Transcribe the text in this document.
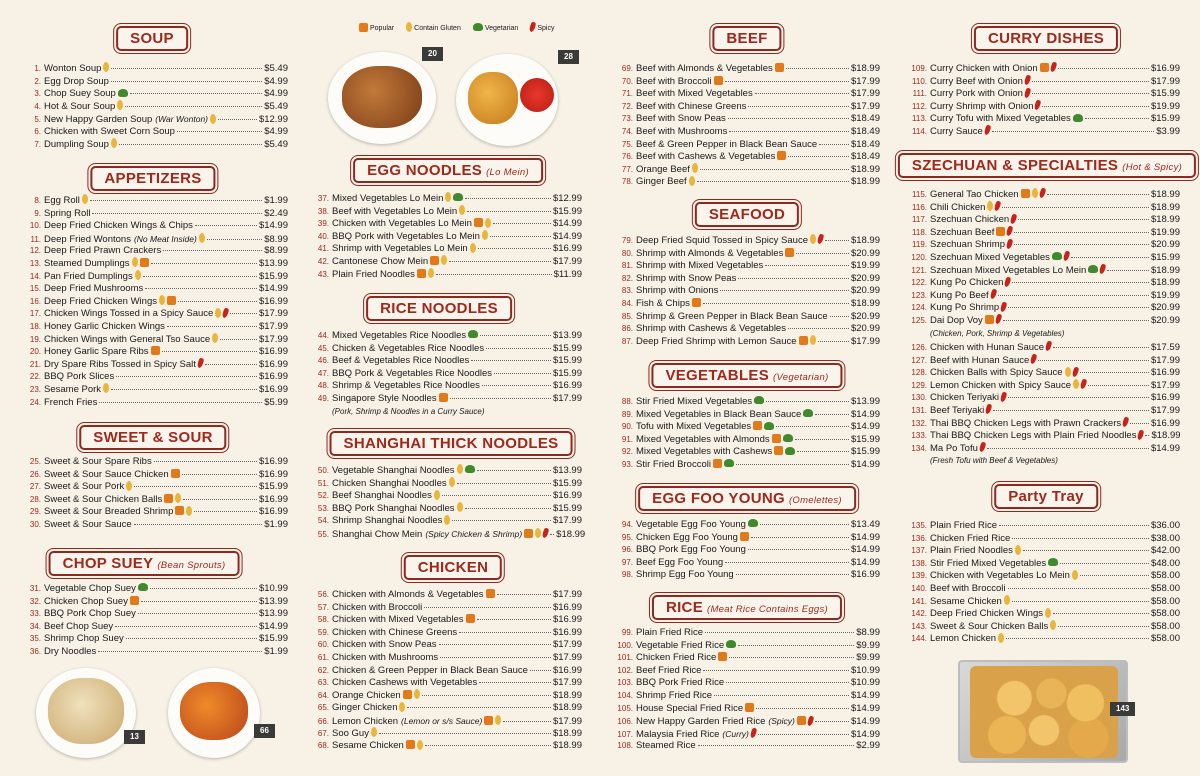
Popular	Contain Gluten	Vegetarian	Spicy
SOUP
1. Wonton Soup	$5.49
2. Egg Drop Soup	$4.99
3. Chop Suey Soup	$4.99
4. Hot & Sour Soup	$5.49
5. New Happy Garden Soup (War Wonton)	$12.99
6. Chicken with Sweet Corn Soup	$4.99
7. Dumpling Soup	$5.49
APPETIZERS
8. Egg Roll	$1.99
9. Spring Roll	$2.49
10. Deep Fried Chicken Wings & Chips	$14.99
11. Deep Fried Wontons (No Meat Inside)	$8.99
12. Deep Fried Prawn Crackers	$8.99
13. Steamed Dumplings	$13.99
14. Pan Fried Dumplings	$15.99
15. Deep Fried Mushrooms	$14.99
16. Deep Fried Chicken Wings	$16.99
17. Chicken Wings Tossed in a Spicy Sauce	$17.99
18. Honey Garlic Chicken Wings	$17.99
19. Chicken Wings with General Tso Sauce	$17.99
20. Honey Garlic Spare Ribs	$16.99
21. Dry Spare Ribs Tossed in Spicy Salt	$16.99
22. BBQ Pork Slices	$16.99
23. Sesame Pork	$16.99
24. French Fries	$5.99
SWEET & SOUR
25. Sweet & Sour Spare Ribs	$16.99
26. Sweet & Sour Sauce Chicken	$16.99
27. Sweet & Sour Pork	$15.99
28. Sweet & Sour Chicken Balls	$16.99
29. Sweet & Sour Breaded Shrimp	$16.99
30. Sweet & Sour Sauce	$1.99
CHOP SUEY (Bean Sprouts)
31. Vegetable Chop Suey	$10.99
32. Chicken Chop Suey	$13.99
33. BBQ Pork Chop Suey	$13.99
34. Beef Chop Suey	$14.99
35. Shrimp Chop Suey	$15.99
36. Dry Noodles	$1.99
EGG NOODLES (Lo Mein)
37. Mixed Vegetables Lo Mein	$12.99
38. Beef with Vegetables Lo Mein	$15.99
39. Chicken with Vegetables Lo Mein	$14.99
40. BBQ Pork with Vegetables Lo Mein	$14.99
41. Shrimp with Vegetables Lo Mein	$16.99
42. Cantonese Chow Mein	$17.99
43. Plain Fried Noodles	$11.99
RICE NOODLES
44. Mixed Vegetables Rice Noodles	$13.99
45. Chicken & Vegetables Rice Noodles	$15.99
46. Beef & Vegetables Rice Noodles	$15.99
47. BBQ Pork & Vegetables Rice Noodles	$15.99
48. Shrimp & Vegetables Rice Noodles	$16.99
49. Singapore Style Noodles	$17.99
(Pork, Shrimp & Noodles in a Curry Sauce)
SHANGHAI THICK NOODLES
50. Vegetable Shanghai Noodles	$13.99
51. Chicken Shanghai Noodles	$15.99
52. Beef Shanghai Noodles	$16.99
53. BBQ Pork Shanghai Noodles	$15.99
54. Shrimp Shanghai Noodles	$17.99
55. Shanghai Chow Mein (Spicy Chicken & Shrimp)	$18.99
CHICKEN
56. Chicken with Almonds & Vegetables	$17.99
57. Chicken with Broccoli	$16.99
58. Chicken with Mixed Vegetables	$16.99
59. Chicken with Chinese Greens	$16.99
60. Chicken with Snow Peas	$17.99
61. Chicken with Mushrooms	$17.99
62. Chicken & Green Pepper in Black Bean Sauce	$16.99
63. Chicken Cashews with Vegetables	$17.99
64. Orange Chicken	$18.99
65. Ginger Chicken	$18.99
66. Lemon Chicken (Lemon or s/s Sauce)	$17.99
67. Soo Guy	$18.99
68. Sesame Chicken	$18.99
BEEF
69. Beef with Almonds & Vegetables	$18.99
70. Beef with Broccoli	$17.99
71. Beef with Mixed Vegetables	$17.99
72. Beef with Chinese Greens	$17.99
73. Beef with Snow Peas	$18.49
74. Beef with Mushrooms	$18.49
75. Beef & Green Pepper in Black Bean Sauce	$18.49
76. Beef with Cashews & Vegetables	$18.49
77. Orange Beef	$18.99
78. Ginger Beef	$18.99
SEAFOOD
79. Deep Fried Squid Tossed in Spicy Sauce	$18.99
80. Shrimp with Almonds & Vegetables	$20.99
81. Shrimp with Mixed Vegetables	$19.99
82. Shrimp with Snow Peas	$20.99
83. Shrimp with Onions	$20.99
84. Fish & Chips	$18.99
85. Shrimp & Green Pepper in Black Bean Sauce $20.99
86. Shrimp with Cashews & Vegetables	$20.99
87. Deep Fried Shrimp with Lemon Sauce	$17.99
VEGETABLES (Vegetarian)
88. Stir Fried Mixed Vegetables	$13.99
89. Mixed Vegetables in Black Bean Sauce	$14.99
90. Tofu with Mixed Vegetables	$14.99
91. Mixed Vegetables with Almonds	$15.99
92. Mixed Vegetables with Cashews	$15.99
93. Stir Fried Broccoli	$14.99
EGG FOO YOUNG (Omelettes)
94. Vegetable Egg Foo Young	$13.49
95. Chicken Egg Foo Young	$14.99
96. BBQ Pork Egg Foo Young	$14.99
97. Beef Egg Foo Young	$14.99
98. Shrimp Egg Foo Young	$16.99
RICE (Meat Rice Contains Eggs)
99. Plain Fried Rice	$8.99
100. Vegetable Fried Rice	$9.99
101. Chicken Fried Rice	$9.99
102. Beef Fried Rice	$10.99
103. BBQ Pork Fried Rice	$10.99
104. Shrimp Fried Rice	$14.99
105. House Special Fried Rice	$14.99
106. New Happy Garden Fried Rice (Spicy)	$14.99
107. Malaysia Fried Rice (Curry)	$14.99
108. Steamed Rice	$2.99
CURRY DISHES
109. Curry Chicken with Onion	$16.99
110. Curry Beef with Onion	$17.99
111. Curry Pork with Onion	$15.99
112. Curry Shrimp with Onion	$19.99
113. Curry Tofu with Mixed Vegetables	$15.99
114. Curry Sauce	$3.99
SZECHUAN & SPECIALTIES (Hot & Spicy)
115. General Tao Chicken	$18.99
116. Chili Chicken	$18.99
117. Szechuan Chicken	$18.99
118. Szechuan Beef	$19.99
119. Szechuan Shrimp	$20.99
120. Szechuan Mixed Vegetables	$15.99
121. Szechuan Mixed Vegetables Lo Mein	$18.99
122. Kung Po Chicken	$18.99
123. Kung Po Beef	$19.99
124. Kung Po Shrimp	$20.99
125. Dai Dop Voy	$20.99
(Chicken, Pork, Shrimp & Vegetables)
126. Chicken with Hunan Sauce	$17.59
127. Beef with Hunan Sauce	$17.99
128. Chicken Balls with Spicy Sauce	$16.99
129. Lemon Chicken with Spicy Sauce	$17.99
130. Chicken Teriyaki	$16.99
131. Beef Teriyaki	$17.99
132. Thai BBQ Chicken Legs with Prawn Crackers	$16.99
133. Thai BBQ Chicken Legs with Plain Fried Noodles	$18.99
134. Ma Po Tofu	$14.99
(Fresh Tofu with Beef & Vegetables)
Party Tray
135. Plain Fried Rice	$36.00
136. Chicken Fried Rice	$38.00
137. Plain Fried Noodles	$42.00
138. Stir Fried Mixed Vegetables	$48.00
139. Chicken with Vegetables Lo Mein	$58.00
140. Beef with Broccoli	$58.00
141. Sesame Chicken	$58.00
142. Deep Fried Chicken Wings	$58.00
143. Sweet & Sour Chicken Balls	$58.00
144. Lemon Chicken	$58.00
20	28
13
66
143
